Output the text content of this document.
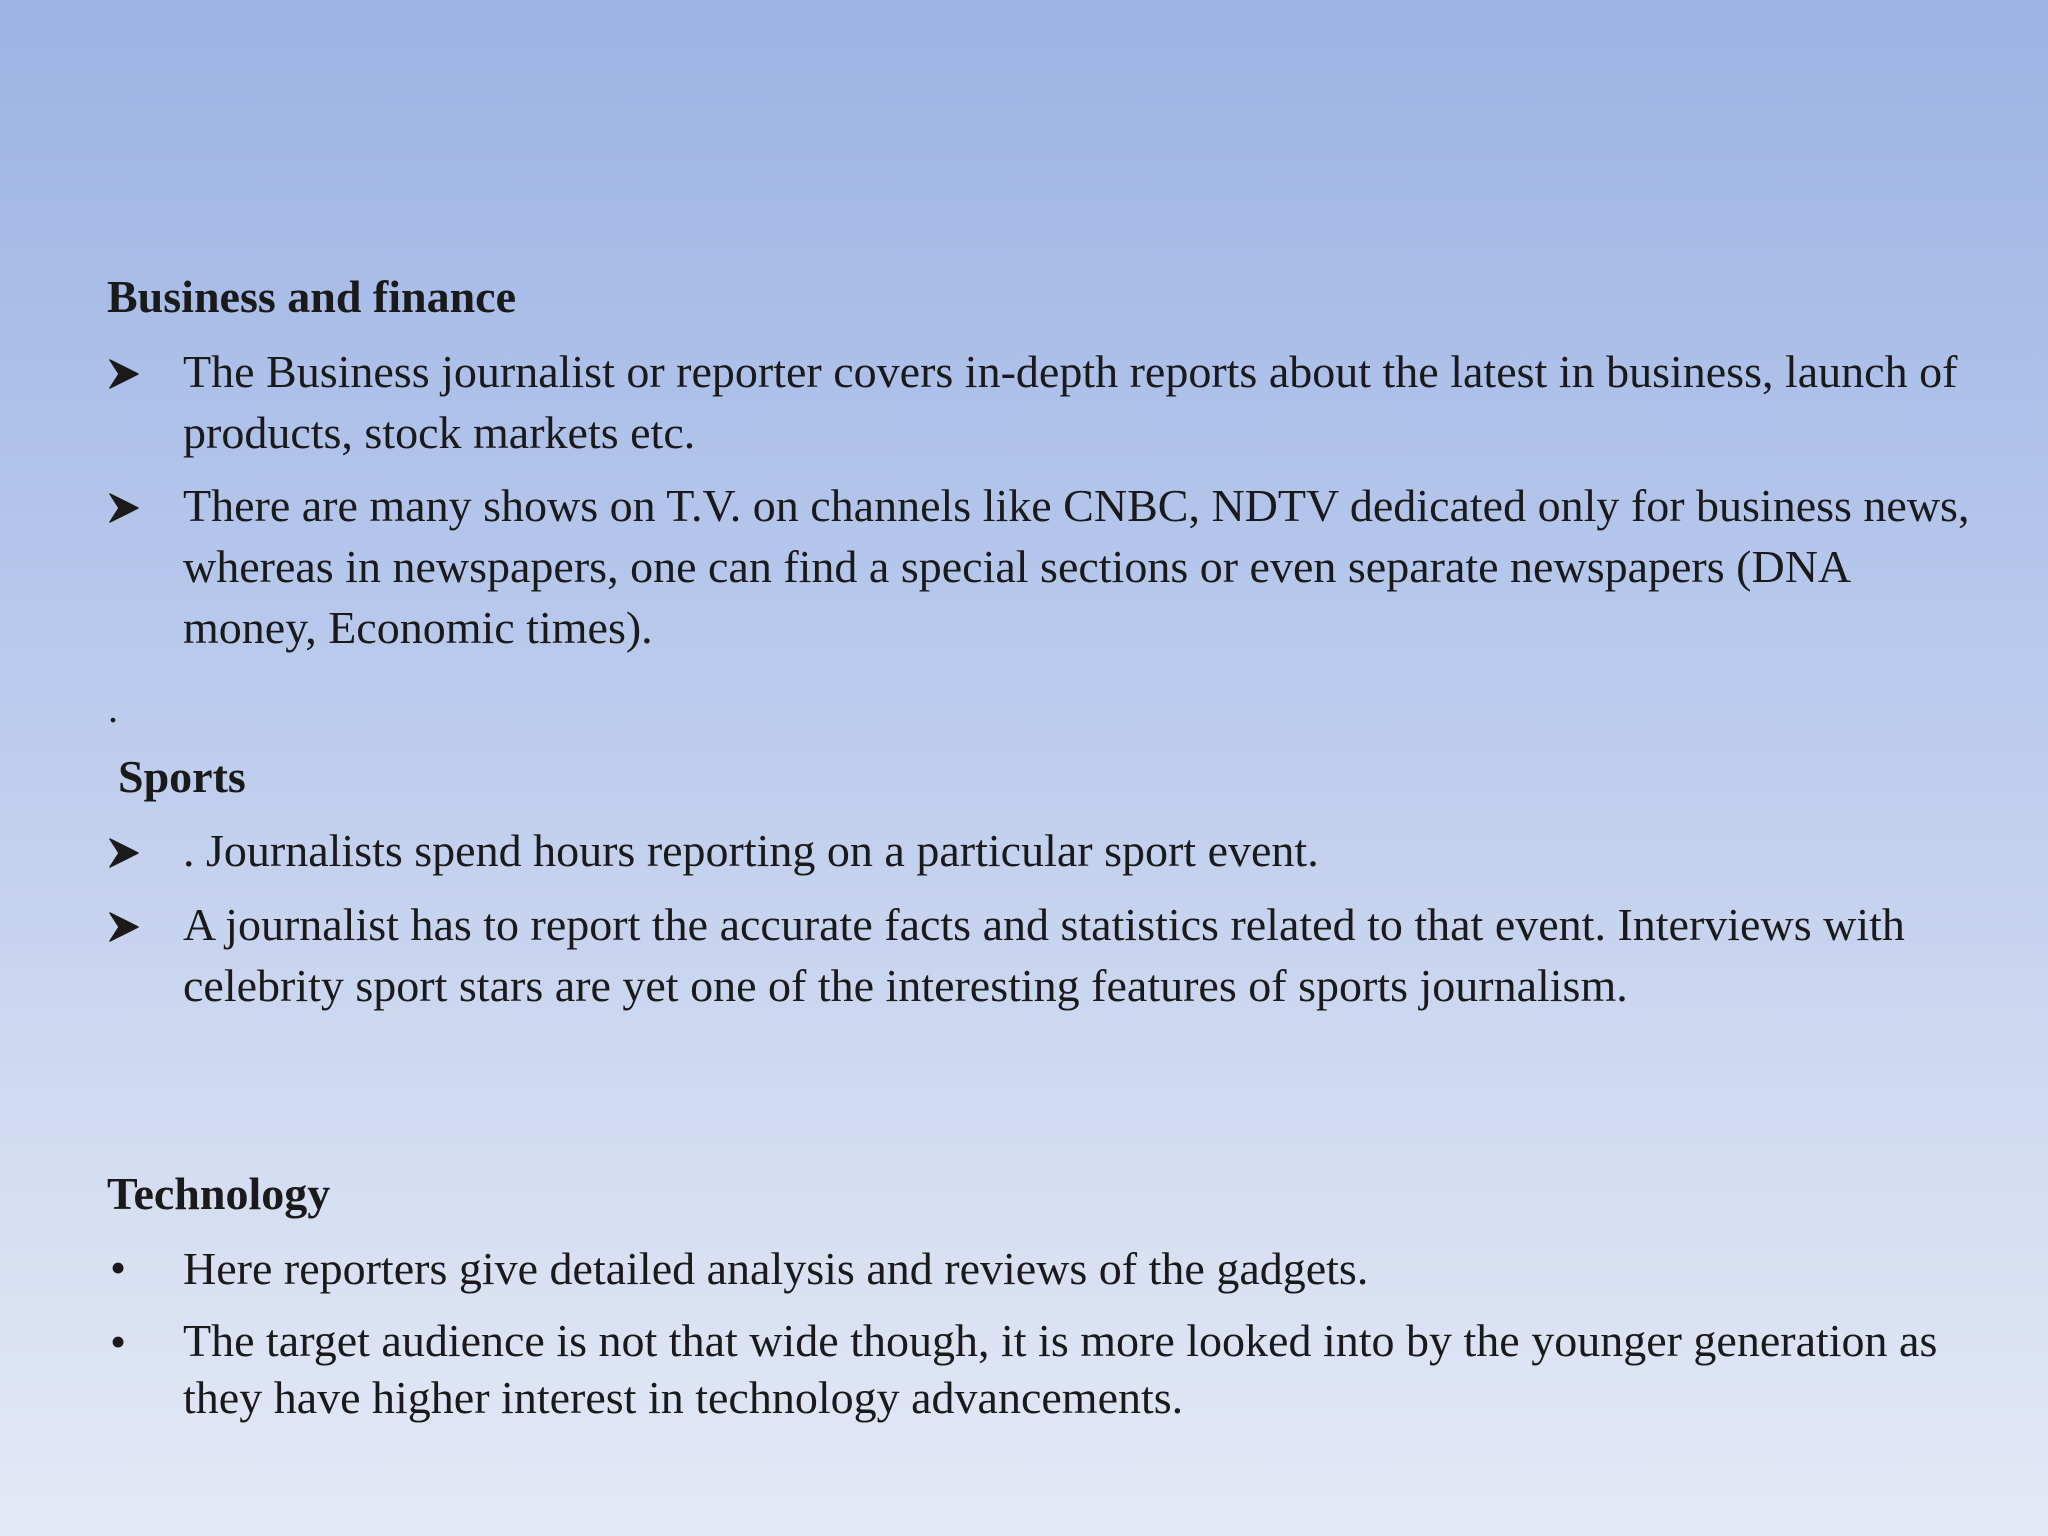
Business and finance
The Business journalist or reporter covers in-depth reports about the latest in business, launch of products, stock markets etc.
There are many shows on T.V. on channels like CNBC, NDTV dedicated only for business news, whereas in newspapers, one can find a special sections or even separate newspapers (DNA money, Economic times).
.
Sports
. Journalists spend hours reporting on a particular sport event.
A journalist has to report the accurate facts and statistics related to that event. Interviews with celebrity sport stars are yet one of the interesting features of sports journalism.
Technology
•	Here reporters give detailed analysis and reviews of the gadgets.
•	The target audience is not that wide though, it is more looked into by the younger generation as they have higher interest in technology advancements.
